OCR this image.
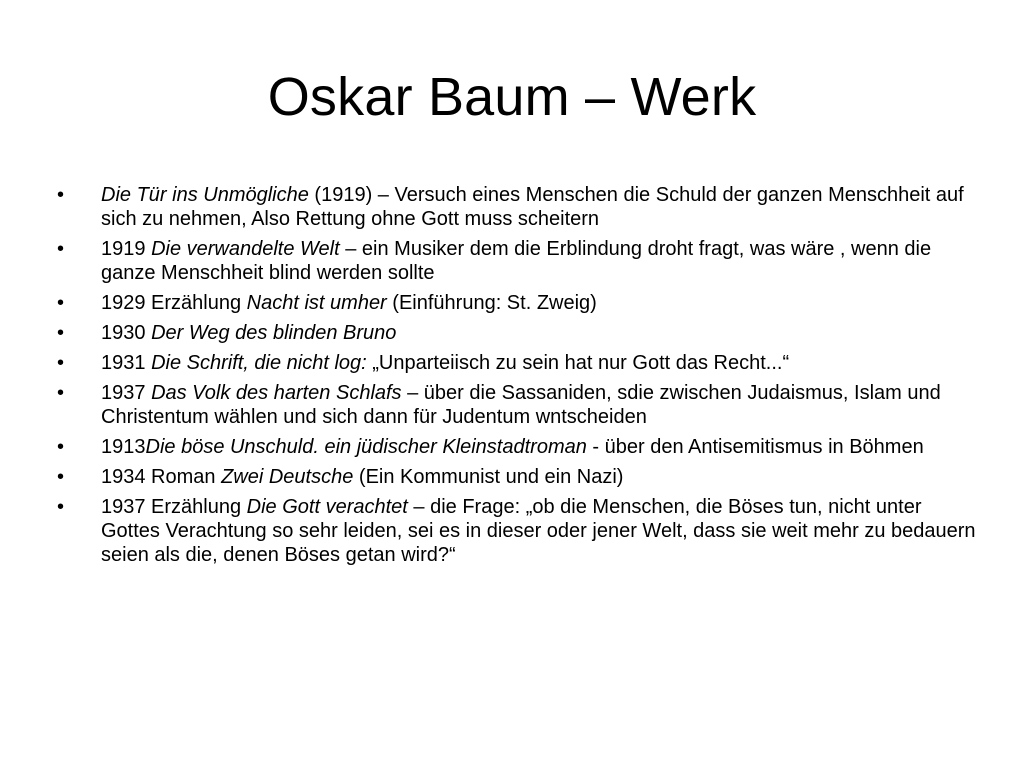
Oskar Baum – Werk
•	Die Tür ins Unmögliche (1919) – Versuch eines Menschen die Schuld der ganzen Menschheit auf sich zu nehmen, Also Rettung ohne Gott muss scheitern
•	1919 Die verwandelte Welt – ein Musiker dem die Erblindung droht fragt, was wäre , wenn die ganze Menschheit blind werden sollte
•	1929 Erzählung Nacht ist umher (Einführung: St. Zweig)
•	1930 Der Weg des blinden Bruno
•	1931 Die Schrift, die nicht log: „Unparteiisch zu sein hat nur Gott das Recht...“
•	1937 Das Volk des harten Schlafs – über die Sassaniden, sdie zwischen Judaismus, Islam und Christentum wählen und sich dann für Judentum wntscheiden
•	1913Die böse Unschuld. ein jüdischer Kleinstadtroman - über den Antisemitismus in Böhmen
•	1934 Roman Zwei Deutsche (Ein Kommunist und ein Nazi)
•	1937 Erzählung Die Gott verachtet – die Frage: „ob die Menschen, die Böses tun, nicht unter Gottes Verachtung so sehr leiden, sei es in dieser oder jener Welt, dass sie weit mehr zu bedauern seien als die, denen Böses getan wird?“
